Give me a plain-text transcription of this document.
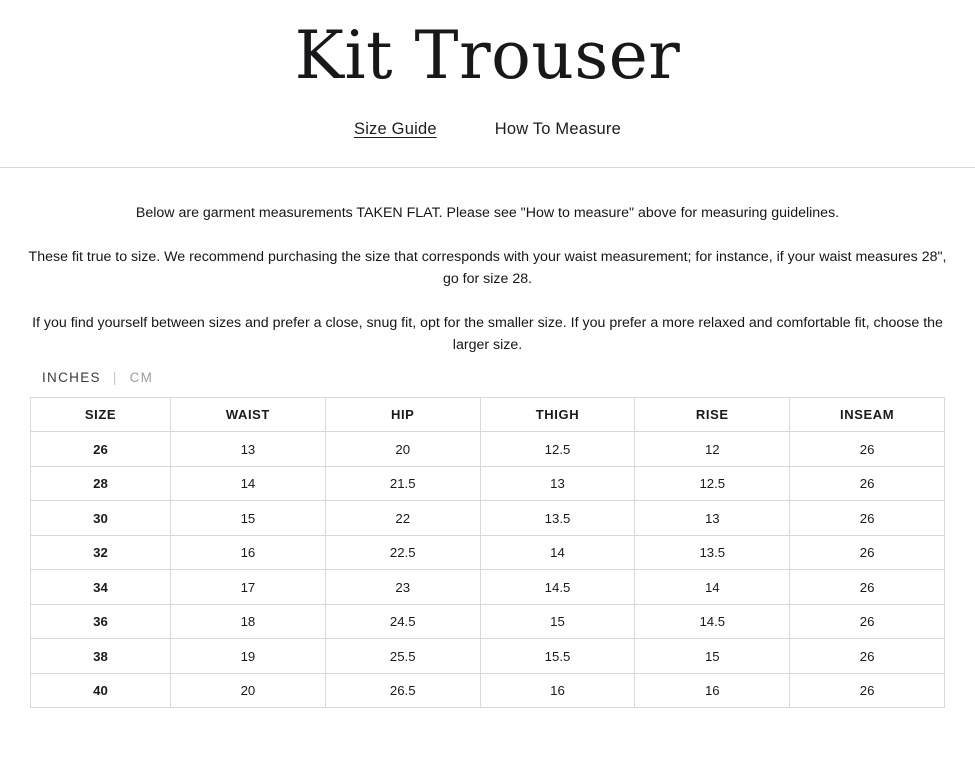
Kit Trouser
Size Guide	How To Measure

Below are garment measurements TAKEN FLAT. Please see "How to measure" above for measuring guidelines.

These fit true to size. We recommend purchasing the size that corresponds with your waist measurement; for instance, if your waist measures 28", go for size 28.

If you find yourself between sizes and prefer a close, snug fit, opt for the smaller size. If you prefer a more relaxed and comfortable fit, choose the larger size.

INCHES | CM
SIZE	WAIST	HIP	THIGH	RISE	INSEAM
26	13	20	12.5	12	26
28	14	21.5	13	12.5	26
30	15	22	13.5	13	26
32	16	22.5	14	13.5	26
34	17	23	14.5	14	26
36	18	24.5	15	14.5	26
38	19	25.5	15.5	15	26
40	20	26.5	16	16	26
